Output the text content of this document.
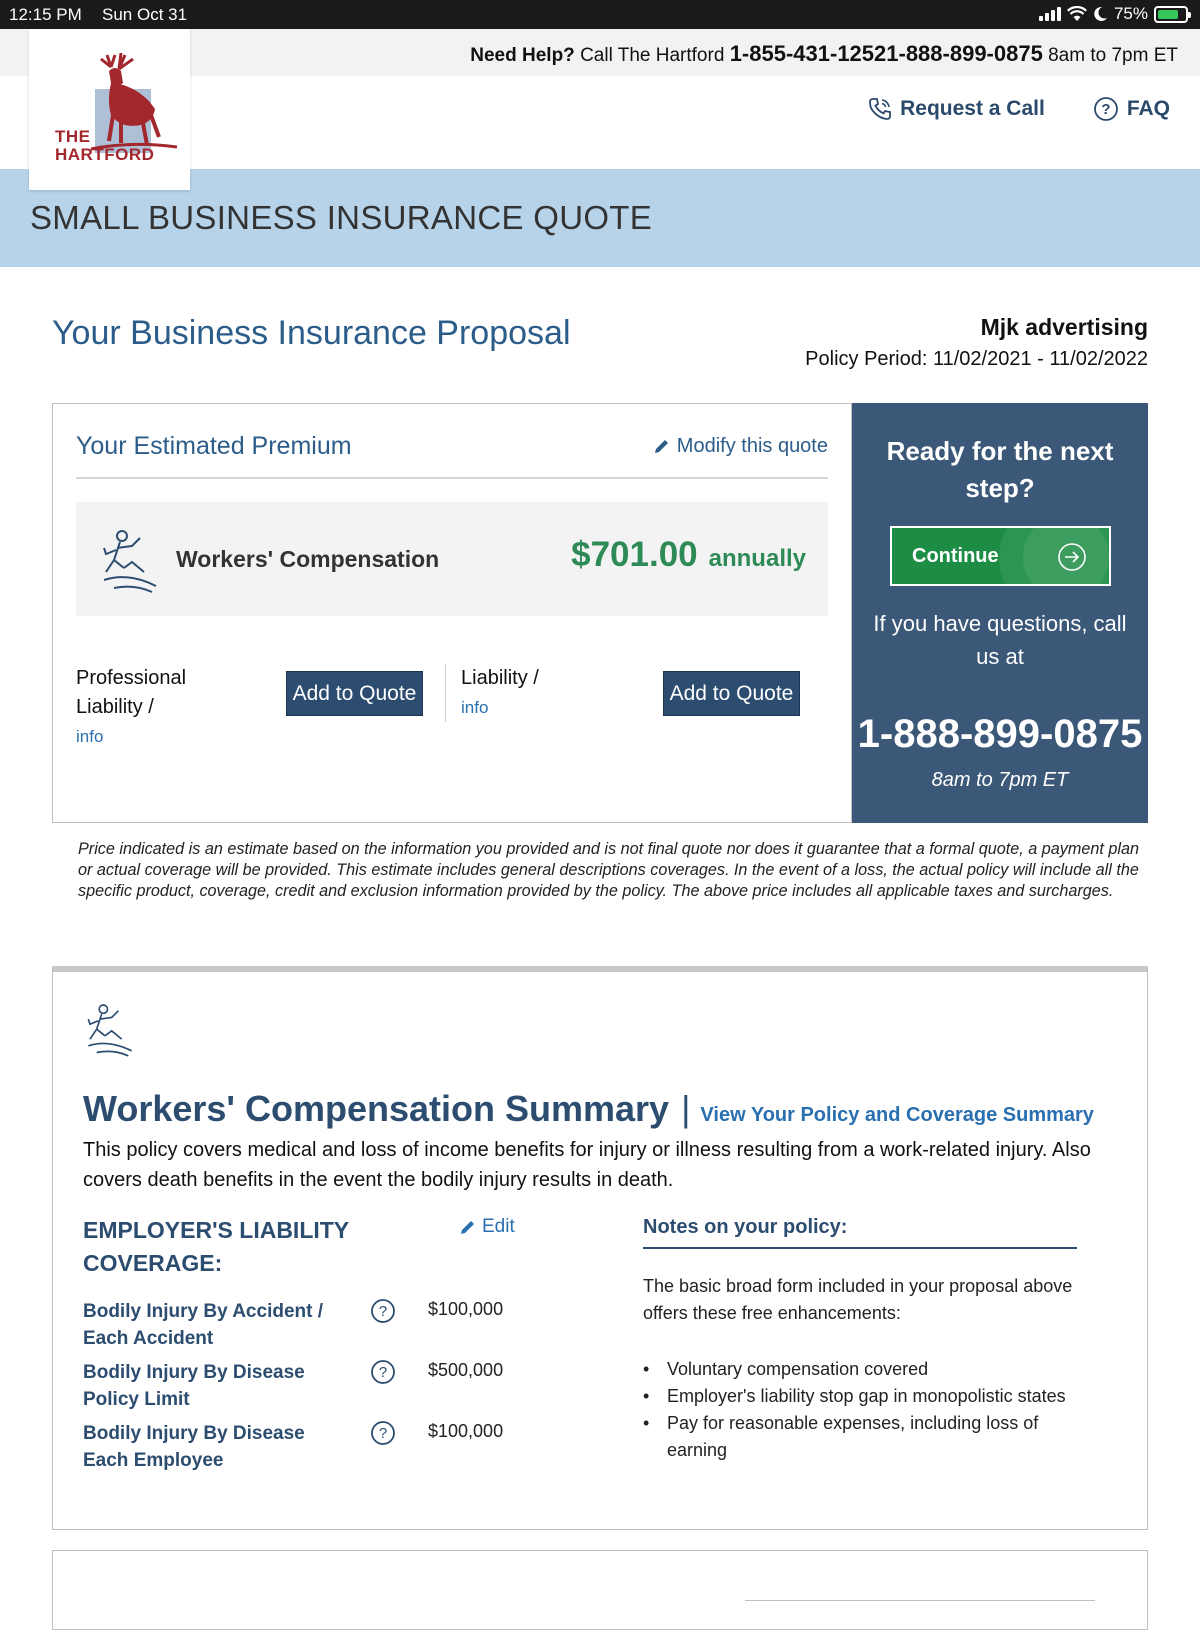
12:15 PM Sun Oct 31	75%
Need Help? Call The Hartford 1-855-431-12521-888-899-0875 8am to 7pm ET
THE
HARTFORD
Request a Call	? FAQ
SMALL BUSINESS INSURANCE QUOTE
Your Business Insurance Proposal	Mjk advertising
Policy Period: 11/02/2021 - 11/02/2022
Your Estimated Premium	Modify this quote
Workers' Compensation	$701.00 annually
Professional Liability /
info
Add to Quote
Liability /
info
Add to Quote
Ready for the next step?
Continue
If you have questions, call us at
1-888-899-0875
8am to 7pm ET
Price indicated is an estimate based on the information you provided and is not final quote nor does it guarantee that a formal quote, a payment plan or actual coverage will be provided. This estimate includes general descriptions coverages. In the event of a loss, the actual policy will include all the specific product, coverage, credit and exclusion information provided by the policy. The above price includes all applicable taxes and surcharges.
Workers' Compensation Summary | View Your Policy and Coverage Summary
This policy covers medical and loss of income benefits for injury or illness resulting from a work-related injury. Also covers death benefits in the event the bodily injury results in death.
EMPLOYER'S LIABILITY
COVERAGE:
Edit
Bodily Injury By Accident / Each Accident
? $100,000
Bodily Injury By Disease Policy Limit
? $500,000
Bodily Injury By Disease Each Employee
? $100,000
Notes on your policy:
The basic broad form included in your proposal above offers these free enhancements:
• Voluntary compensation covered
• Employer's liability stop gap in monopolistic states
• Pay for reasonable expenses, including loss of earning
